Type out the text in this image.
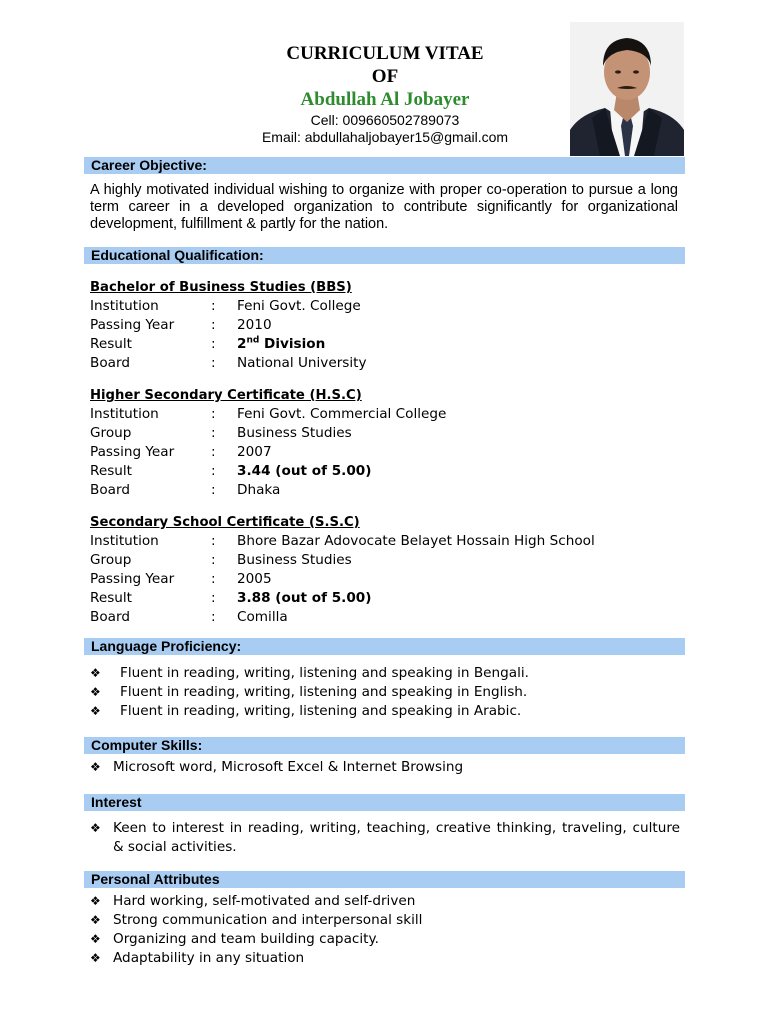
CURRICULUM VITAE
OF
Abdullah Al Jobayer
Cell: 009660502789073
Email: abdullahaljobayer15@gmail.com
Career Objective:
A highly motivated individual wishing to organize with proper co-operation to pursue a long term career in a developed organization to contribute significantly for organizational development, fulfillment & partly for the nation.
Educational Qualification:
Bachelor of Business Studies (BBS)
Institution	: Feni Govt. College
Passing Year	: 2010
Result	: 2nd Division
Board	: National University
Higher Secondary Certificate (H.S.C)
Institution	: Feni Govt. Commercial College
Group	: Business Studies
Passing Year	: 2007
Result	: 3.44 (out of 5.00)
Board	: Dhaka
Secondary School Certificate (S.S.C)
Institution	: Bhore Bazar Adovocate Belayet Hossain High School
Group	: Business Studies
Passing Year	: 2005
Result	: 3.88 (out of 5.00)
Board	: Comilla
Language Proficiency:
❖ Fluent in reading, writing, listening and speaking in Bengali.
❖ Fluent in reading, writing, listening and speaking in English.
❖ Fluent in reading, writing, listening and speaking in Arabic.
Computer Skills:
❖ Microsoft word, Microsoft Excel & Internet Browsing
Interest
❖ Keen to interest in reading, writing, teaching, creative thinking, traveling, culture & social activities.
Personal Attributes
❖ Hard working, self-motivated and self-driven
❖ Strong communication and interpersonal skill
❖ Organizing and team building capacity.
❖ Adaptability in any situation
